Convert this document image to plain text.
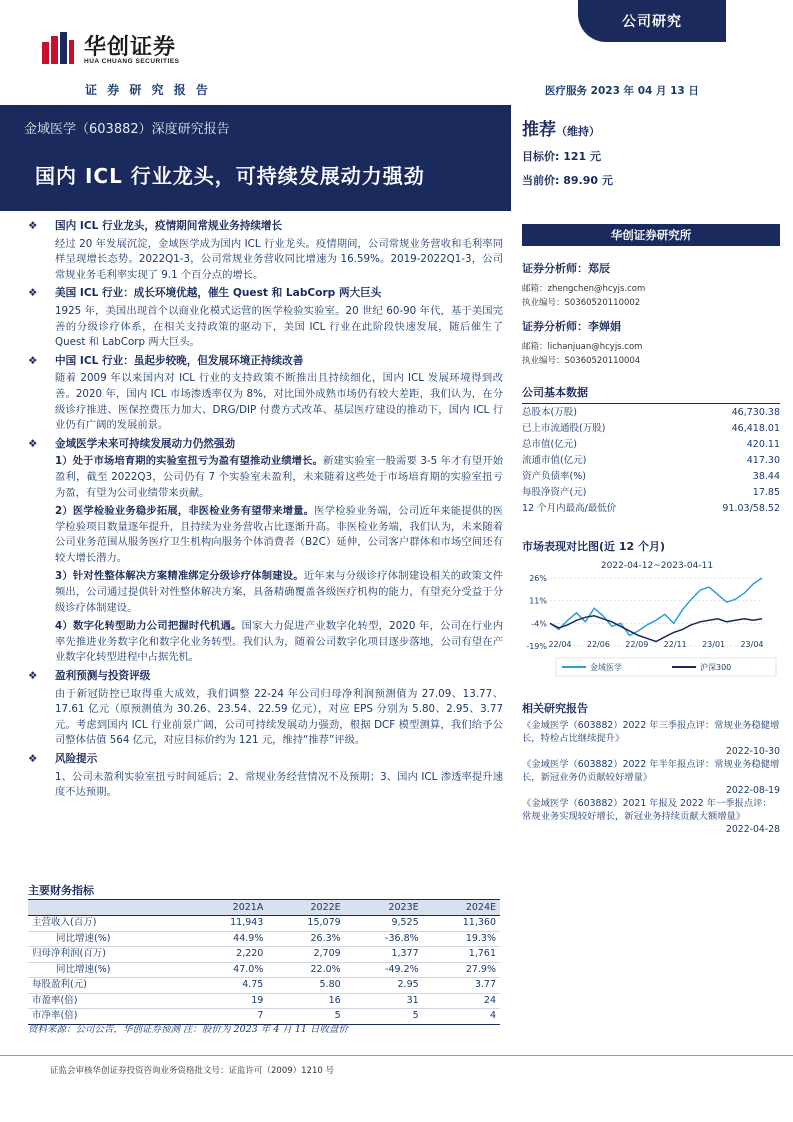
华创证券
HUA CHUANG SECURITIES
证 券 研 究 报 告
公司研究
医疗服务 2023 年 04 月 13 日
金域医学（603882）深度研究报告
国内 ICL 行业龙头，可持续发展动力强劲
推荐（维持）
目标价: 121 元
当前价: 89.90 元
❖	国内 ICL 行业龙头，疫情期间常规业务持续增长
经过 20 年发展沉淀，金域医学成为国内 ICL 行业龙头。疫情期间，公司常规业务营收和毛利率同样呈现增长态势。2022Q1-3，公司常规业务营收同比增速为 16.59%。2019-2022Q1-3，公司常规业务毛利率实现了 9.1 个百分点的增长。
❖	美国 ICL 行业：成长环境优越，催生 Quest 和 LabCorp 两大巨头
1925 年，美国出现首个以商业化模式运营的医学检验实验室。20 世纪 60-90 年代，基于美国完善的分级诊疗体系，在相关支持政策的驱动下，美国 ICL 行业在此阶段快速发展，随后催生了 Quest 和 LabCorp 两大巨头。
❖	中国 ICL 行业：虽起步较晚，但发展环境正持续改善
随着 2009 年以来国内对 ICL 行业的支持政策不断推出且持续细化，国内 ICL 发展环境得到改善。2020 年，国内 ICL 市场渗透率仅为 8%，对比国外成熟市场仍有较大差距，我们认为，在分级诊疗推进、医保控费压力加大、DRG/DIP 付费方式改革、基层医疗建设的推动下，国内 ICL 行业仍有广阔的发展前景。
❖	金域医学未来可持续发展动力仍然强劲
1）处于市场培育期的实验室扭亏为盈有望推动业绩增长。新建实验室一般需要 3-5 年才有望开始盈利，截至 2022Q3，公司仍有 7 个实验室未盈利，未来随着这些处于市场培育期的实验室扭亏为盈，有望为公司业绩带来贡献。
2）医学检验业务稳步拓展，非医检业务有望带来增量。医学检验业务端，公司近年来能提供的医学检验项目数量逐年提升，且持续为业务营收占比逐渐升高。非医检业务端，我们认为，未来随着公司业务范围从服务医疗卫生机构向服务个体消费者（B2C）延伸，公司客户群体和市场空间还有较大增长潜力。
3）针对性整体解决方案精准绑定分级诊疗体制建设。近年来与分级诊疗体制建设相关的政策文件频出，公司通过提供针对性整体解决方案，具备精确覆盖各级医疗机构的能力，有望充分受益于分级诊疗体制建设。
4）数字化转型助力公司把握时代机遇。国家大力促进产业数字化转型，2020 年，公司在行业内率先推进业务数字化和数字化业务转型。我们认为，随着公司数字化项目逐步落地，公司有望在产业数字化转型进程中占据先机。
❖	盈利预测与投资评级
由于新冠防控已取得重大成效，我们调整 22-24 年公司归母净利润预测值为 27.09、13.77、17.61 亿元（原预测值为 30.26、23.54、22.59 亿元），对应 EPS 分别为 5.80、2.95、3.77 元。考虑到国内 ICL 行业前景广阔，公司可持续发展动力强劲，根据 DCF 模型测算，我们给予公司整体估值 564 亿元，对应目标价约为 121 元，维持“推荐”评级。
❖	风险提示
1、公司未盈利实验室扭亏时间延后；2、常规业务经营情况不及预期；3、国内 ICL 渗透率提升速度不达预期。
华创证券研究所
证券分析师：郑辰
邮箱：zhengchen@hcyjs.com
执业编号：S0360520110002
证券分析师：李婵娟
邮箱：lichanjuan@hcyjs.com
执业编号：S0360520110004
公司基本数据
总股本(万股)	46,730.38
已上市流通股(万股)	46,418.01
总市值(亿元)	420.11
流通市值(亿元)	417.30
资产负债率(%)	38.44
每股净资产(元)	17.85
12 个月内最高/最低价	91.03/58.52
市场表现对比图(近 12 个月)
2022-04-12~2023-04-11
26%
11%
-4%
-19% 22/04 22/06 22/09 22/11 23/01 23/04
金域医学	沪深300
相关研究报告
《金域医学（603882）2022 年三季报点评：常规业务稳健增长，特检占比继续提升》
2022-10-30
《金域医学（603882）2022 年半年报点评：常规业务稳健增长，新冠业务仍贡献较好增量》
2022-08-19
《金域医学（603882）2021 年报及 2022 年一季报点评：常规业务实现较好增长，新冠业务持续贡献大额增量》
2022-04-28
主要财务指标
	2021A	2022E	2023E	2024E
主营收入(百万)	11,943	15,079	9,525	11,360
同比增速(%)	44.9%	26.3%	-36.8%	19.3%
归母净利润(百万)	2,220	2,709	1,377	1,761
同比增速(%)	47.0%	22.0%	-49.2%	27.9%
每股盈利(元)	4.75	5.80	2.95	3.77
市盈率(倍)	19	16	31	24
市净率(倍)	7	5	5	4
资料来源：公司公告，华创证券预测 注：股价为 2023 年 4 月 11 日收盘价
证监会审核华创证券投资咨询业务资格批文号：证监许可（2009）1210 号
